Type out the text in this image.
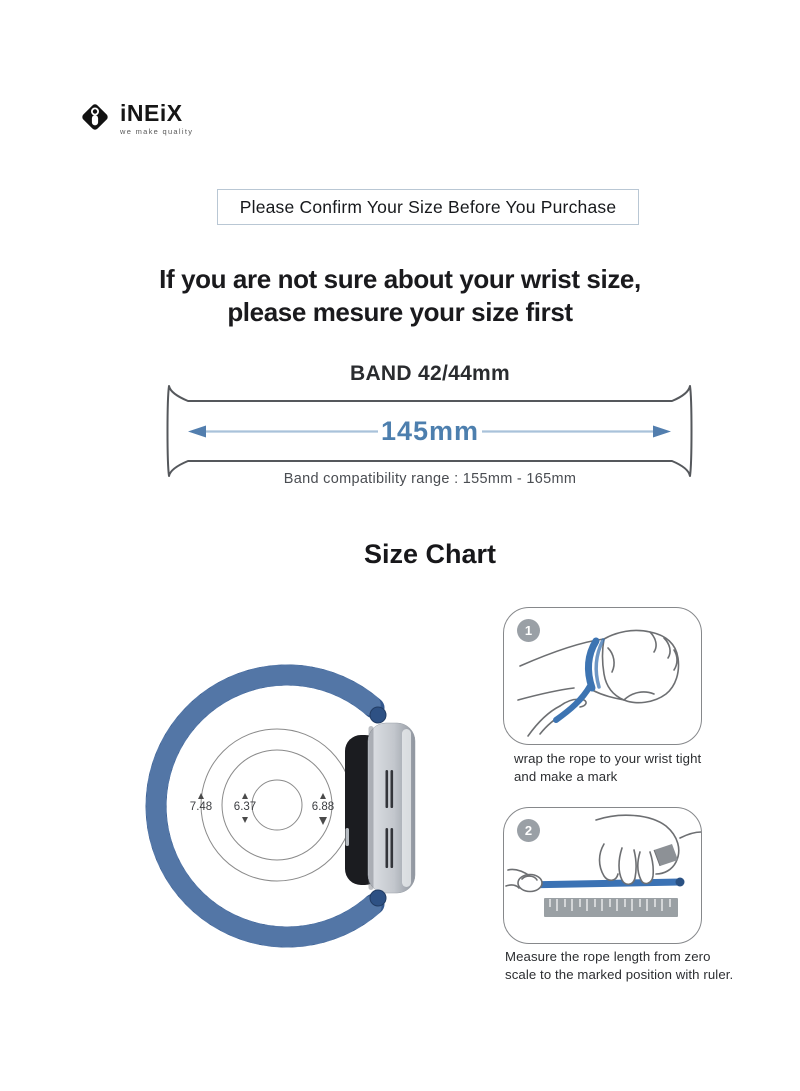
iNEiX
we make quality
Please Confirm Your Size Before You Purchase
If you are not sure about your wrist size,
please mesure your size first
BAND 42/44mm
145mm
Band compatibility range : 155mm - 165mm
Size Chart
7.48 6.37	6.88
1
wrap the rope to your wrist tight
and make a mark
2
Measure the rope length from zero
scale to the marked position with ruler.
